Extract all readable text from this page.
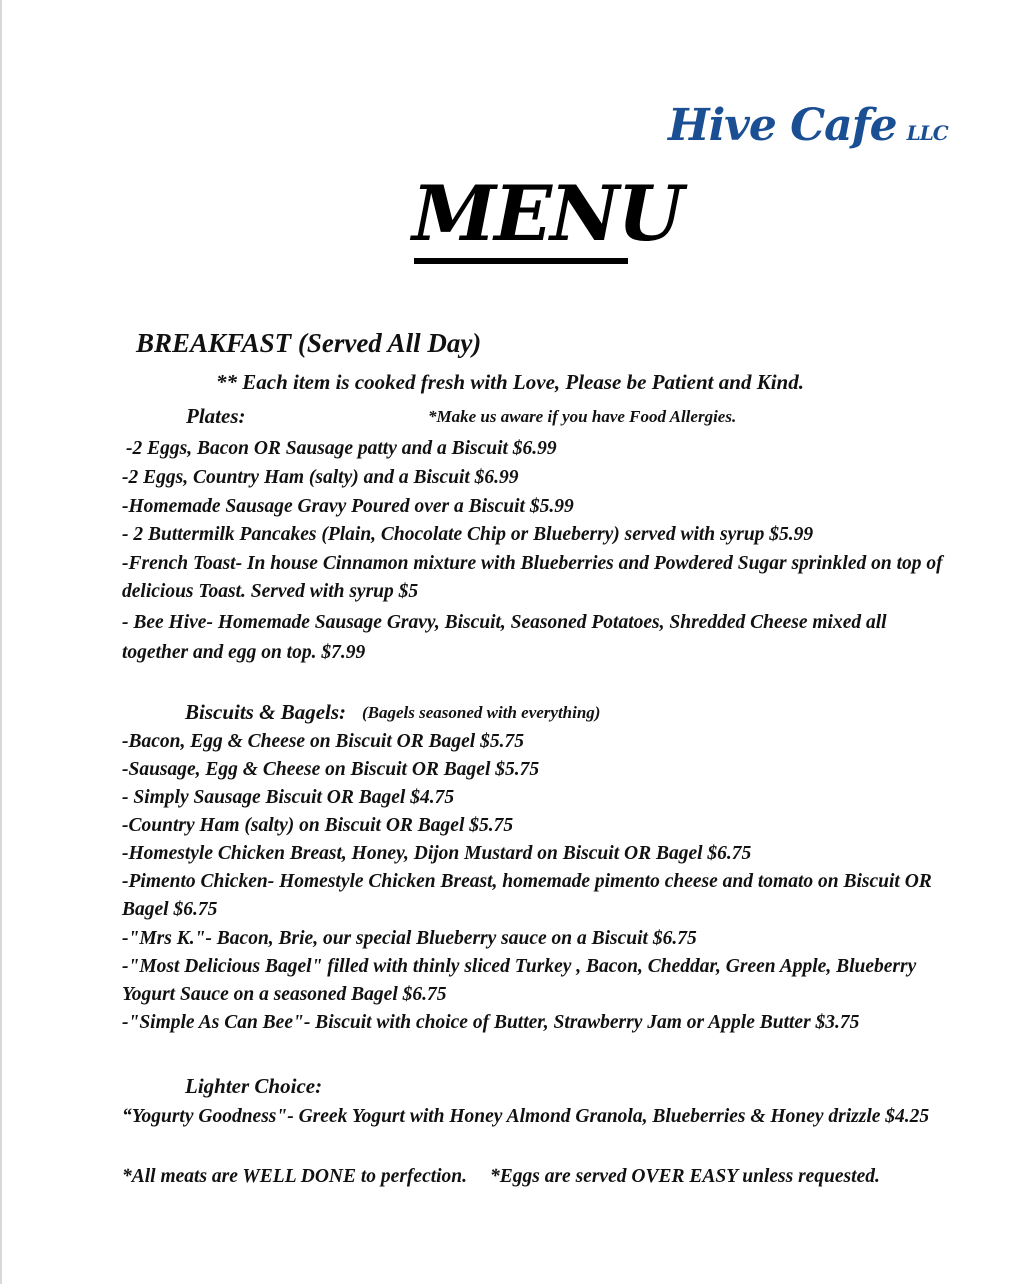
Hive Cafe LLC
MENU
BREAKFAST (Served All Day)
** Each item is cooked fresh with Love, Please be Patient and Kind.
Plates:	*Make us aware if you have Food Allergies.
-2 Eggs, Bacon OR Sausage patty and a Biscuit $6.99
-2 Eggs, Country Ham (salty) and a Biscuit $6.99
-Homemade Sausage Gravy Poured over a Biscuit $5.99
- 2 Buttermilk Pancakes (Plain, Chocolate Chip or Blueberry) served with syrup $5.99
-French Toast- In house Cinnamon mixture with Blueberries and Powdered Sugar sprinkled on top of
delicious Toast. Served with syrup $5
- Bee Hive- Homemade Sausage Gravy, Biscuit, Seasoned Potatoes, Shredded Cheese mixed all
together and egg on top. $7.99
Biscuits & Bagels: (Bagels seasoned with everything)
-Bacon, Egg & Cheese on Biscuit OR Bagel $5.75
-Sausage, Egg & Cheese on Biscuit OR Bagel $5.75
- Simply Sausage Biscuit OR Bagel $4.75
-Country Ham (salty) on Biscuit OR Bagel $5.75
-Homestyle Chicken Breast, Honey, Dijon Mustard on Biscuit OR Bagel $6.75
-Pimento Chicken- Homestyle Chicken Breast, homemade pimento cheese and tomato on Biscuit OR
Bagel $6.75
-"Mrs K."- Bacon, Brie, our special Blueberry sauce on a Biscuit $6.75
-"Most Delicious Bagel" filled with thinly sliced Turkey , Bacon, Cheddar, Green Apple, Blueberry
Yogurt Sauce on a seasoned Bagel $6.75
-"Simple As Can Bee"- Biscuit with choice of Butter, Strawberry Jam or Apple Butter $3.75
Lighter Choice:
“Yogurty Goodness"- Greek Yogurt with Honey Almond Granola, Blueberries & Honey drizzle $4.25
*All meats are WELL DONE to perfection. *Eggs are served OVER EASY unless requested.
